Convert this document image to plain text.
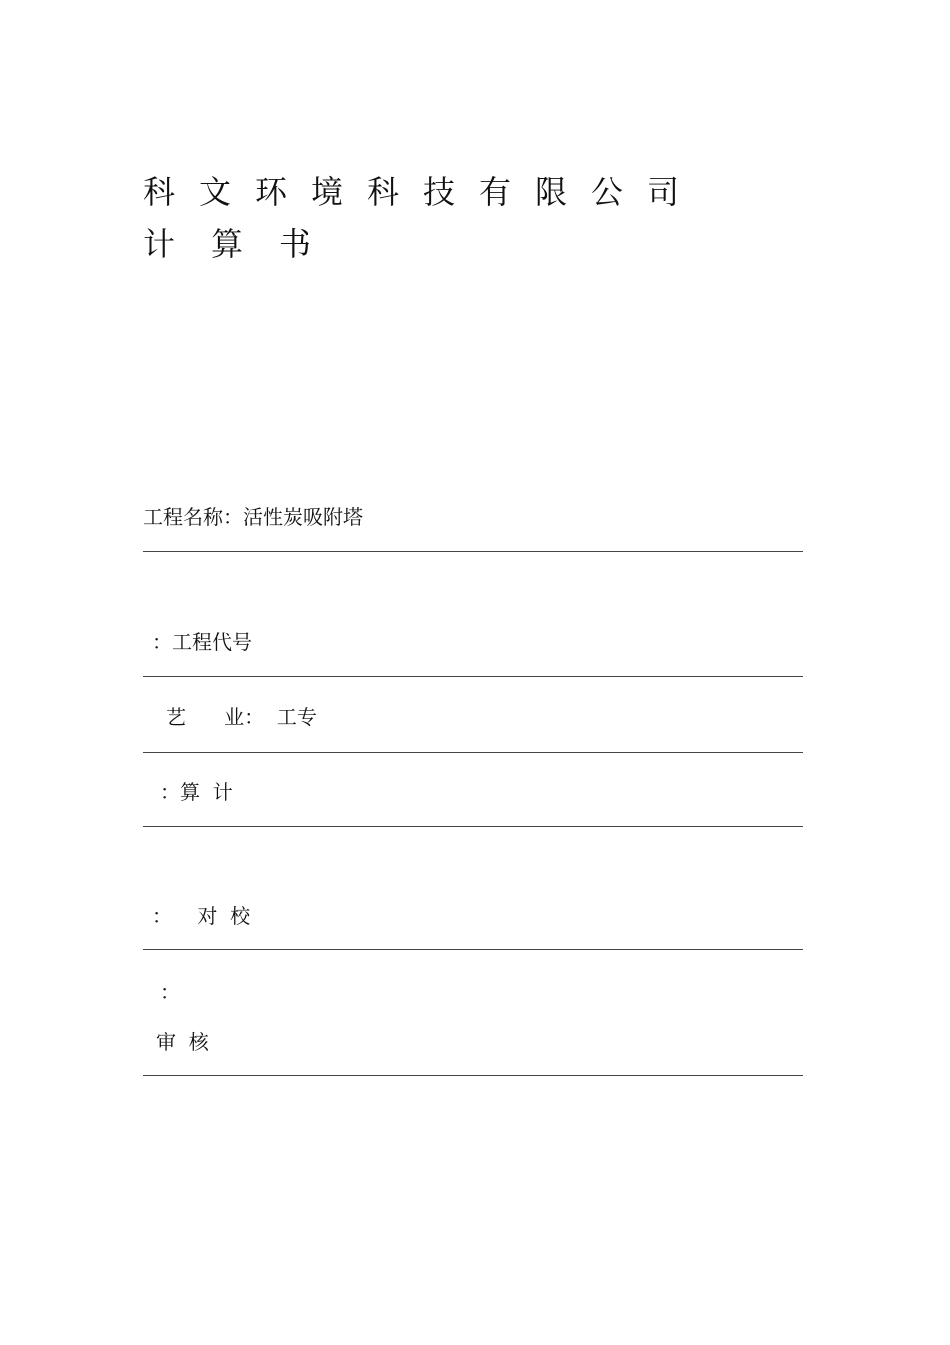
科文环境科技有限公司
计算书
工程名称：活性炭吸附塔
：工程代号
艺      业：  工专
：算  计
：    对  校
：
审  核
